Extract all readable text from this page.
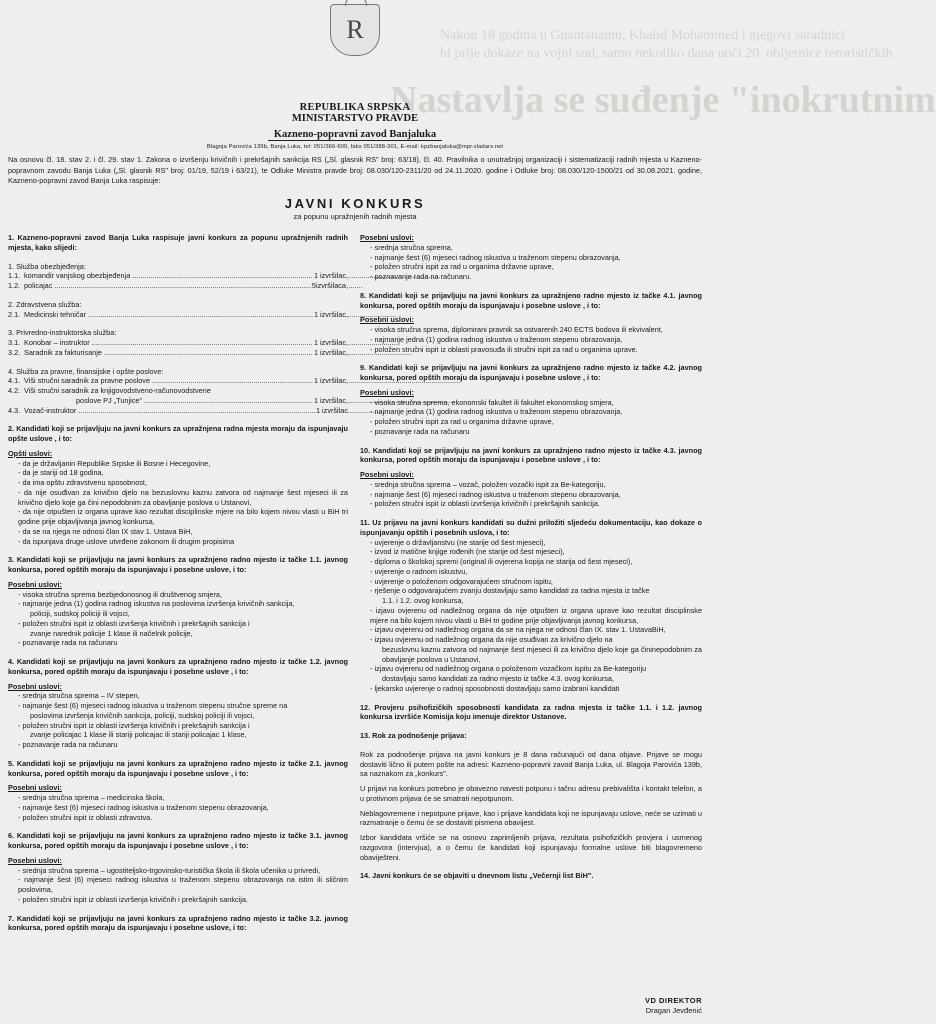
Nakon 18 godina u Guantanamu, Khalid Mohammed i njegovi saradnici
bi prije dokaze na vojni sud, samo nekoliko dana uoči 20. obljetnice terorističkih
Nastavlja se suđenje "inokrutnim
R
REPUBLIKA SRPSKA
MINISTARSTVO PRAVDE
Kazneno-popravni zavod Banjaluka
Blagoja Parovića 139b, Banja Luka, tel: 051/366-600, faks 051/388-301, E-mail: kpzbanjaluka@mpr.vladars.net
Na osnovu čl. 18. stav 2. i čl. 29. stav 1. Zakona o izvršenju krivičnih i prekršajnih sankcija RS („Sl. glasnik RS" broj: 63/18), čl. 40. Pravilnika o unutrašnjoj organizaciji i sistematizaciji radnih mjesta u Kazneno-popravnom zavodu Banja Luka („Sl. glasnik RS" broj: 01/19, 52/19 i 63/21), te Odluke Ministra pravde broj: 08.030/120-2311/20 od 24.11.2020. godine i Odluke broj: 08.030/120-1500/21 od 30.08.2021. godine, Kazneno-popravni zavod Banja Luka raspisuje:
JAVNI KONKURS
za popunu upražnjenih radnih mjesta
1. Kazneno-popravni zavod Banja Luka raspisuje javni konkurs za popunu upražnjenih radnih mjesta, kako slijedi:
1. Služba obezbjeđenja:
1.1. komandir vanjskog obezbjeđenja .....	1 izvršilac,
1.2. policajac .....	5izvršilaca,
2. Zdravstvena služba:
2.1. Medicinski tehničar .....	1 izvršilac,
3. Privredno-instruktorska služba:
3.1. Konobar – instruktor .....	1 izvršilac,
3.2. Saradnik za fakturisanje .....	1 izvršilac,
4. Služba za pravne, finansijske i opšte poslove:
4.1. Viši stručni saradnik za pravne poslove .....	1 izvršilac,
4.2. Viši stručni saradnik za knjigovodstveno-računovodstvene
poslove PJ „Tunjice" .....	1 izvršilac,
4.3. Vozač-instruktor .....	1 izvršilac
2. Kandidati koji se prijavljuju na javni konkurs za upražnjena radna mjesta moraju da ispunjavaju opšte uslove , i to:
Opšti uslovi:
- da je državljanin Republike Srpske ili Bosne i Hecegovine,
- da je stariji od 18 godina,
- da ima opštu zdravstvenu sposobnost,
- da nije osuđivan za krivično djelo na bezuslovnu kaznu zatvora od najmanje šest mjeseci ili za krivično djelo koje ga čini nepodobnim za obavljanje poslova u Ustanovi,
- da nije otpušten iz organa uprave kao rezultat disciplinske mjere na bilo kojem nivou vlasti u BiH tri godine prije objavljivanja javnog konkursa,
- da se na njega ne odnosi član IX stav 1. Ustava BiH,
- da ispunjava druge uslove utvrđene zakonom ili drugim propisima
3. Kandidati koji se prijavljuju na javni konkurs za upražnjeno radno mjesto iz tačke 1.1. javnog konkursa, pored opštih moraju da ispunjavaju i posebne uslove, i to:
Posebni uslovi:
- visoka stručna sprema bezbjedonosnog ili društvenog smjera,
- najmanje jedna (1) godina radnog iskustva na poslovima izvršenja krivičnih sankcija,
policiji, sudskoj policiji ili vojsci,
- položen stručni ispit iz oblasti izvršenja krivičnih i prekršajnih sankcija i
zvanje narednik policije 1 klase ili načelnik policije,
- poznavanje rada na računaru
4. Kandidati koji se prijavljuju na javni konkurs za upražnjeno radno mjesto iz tačke 1.2. javnog konkursa, pored opštih moraju da ispunjavaju i posebne uslove , i to:
Posebni uslovi:
- srednja stručna sprema – IV stepen,
- najmanje šest (6) mjeseci radnog iskustva u traženom stepenu stručne spreme na
poslovima izvršenja krivičnih sankcija, policiji, sudskoj policiji ili vojsci,
- položen stručni ispit iz oblasti izvršenja krivičnih i prekršajnih sankcija i
zvanje policajac 1 klase ili stariji policajac ili stariji policajac 1 klase,
- poznavanje rada na računaru
5. Kandidati koji se prijavljuju na javni konkurs za upražnjeno radno mjesto iz tačke 2.1. javnog konkursa, pored opštih moraju da ispunjavaju i posebne uslove , i to:
Posebni uslovi:
- srednja stručna sprema – medicinska škola,
- najmanje šest (6) mjeseci radnog iskustva u traženom stepenu obrazovanja,
- položen stručni ispit iz oblasti zdravstva.
6. Kandidati koji se prijavljuju na javni konkurs za upražnjeno radno mjesto iz tačke 3.1. javnog konkursa, pored opštih moraju da ispunjavaju i posebne uslove , i to:
Posebni uslovi:
- srednja stručna sprema – ugostiteljsko-trgovinsko-turistička škola ili škola učenika u privredi,
- najmanje šest (6) mjeseci radnog iskustva u traženom stepenu obrazovanja na istim ili sličnim poslovima,
- položen stručni ispit iz oblasti izvršenja krivičnih i prekršajnih sankcija.
7. Kandidati koji se prijavljuju na javni konkurs za upražnjeno radno mjesto iz tačke 3.2. javnog konkursa, pored opštih moraju da ispunjavaju i posebne uslove, i to:
Posebni uslovi:
- srednja stručna sprema,
- najmanje šest (6) mjeseci radnog iskustva u traženom stepenu obrazovanja,
- položen stručni ispit za rad u organima državne uprave,
- poznavanje rada na računaru.
8. Kandidati koji se prijavljuju na javni konkurs za upražnjeno radno mjesto iz tačke 4.1. javnog konkursa, pored opštih moraju da ispunjavaju i posebne uslove , i to:
Posebni uslovi:
- visoka stručna sprema, diplomirani pravnik sa ostvarenih 240 ECTS bodova ili ekvivalent,
- najmanje jedna (1) godina radnog iskustva u traženom stepenu obrazovanja,
- položen stručni ispit iz oblasti pravosuđa ili stručni ispit za rad u organima uprave.
9. Kandidati koji se prijavljuju na javni konkurs za upražnjeno radno mjesto iz tačke 4.2. javnog konkursa, pored opštih moraju da ispunjavaju i posebne uslove , i to:
Posebni uslovi:
- visoka stručna sprema, ekonomski fakultet ili fakultet ekonomskog smjera,
- najmanje jedna (1) godina radnog iskustva u traženom stepenu obrazovanja,
- položen stručni ispit za rad u organima državne uprave,
- poznavanje rada na računaru
10. Kandidati koji se prijavljuju na javni konkurs za upražnjeno radno mjesto iz tačke 4.3. javnog konkursa, pored opštih moraju da ispunjavaju i posebne uslove , i to:
Posebni uslovi:
- srednja stručna sprema – vozač, položen vozački ispit za Be-kategoriju,
- najmanje šest (6) mjeseci radnog iskustva u traženom stepenu obrazovanja,
- položen stručni ispit iz oblasti izvršenja krivičnih i prekršajnih sankcija.
11. Uz prijavu na javni konkurs kandidati su dužni priložiti sljedeću dokumentaciju, kao dokaze o ispunjavanju opštih i posebnih uslova, i to:
- uvjerenje o državljanstvu (ne starije od šest mjeseci),
- izvod iz matične knjige rođenih (ne starije od šest mjeseci),
- diploma o školskoj spremi (original ili ovjerena kopija ne starija od šest mjeseci),
- uvjerenje o radnom iskustvu,
- uvjerenje o položenom odgovarajućem stručnom ispitu,
- rješenje o odgovarajućem zvanju dostavljaju samo kandidati za radna mjesta iz tačke
1.1. i 1.2. ovog konkursa,
- izjavu ovjerenu od nadležnog organa da nije otpušten iz organa uprave kao rezultat disciplinske mjere na bilo kojem nivou vlasti u BiH tri godine prije objavljivanja javnog konkursa,
- izjavu ovjerenu od nadležnog organa da se na njega ne odnosi član IX. stav 1. UstavaBiH,
- izjavu ovjerenu od nadležnog organa da nije osuđivan za krivično djelo na
bezuslovnu kaznu zatvora od najmanje šest mjeseci ili za krivično djelo koje ga čininepodobnim za obavljanje poslova u Ustanovi,
- izjavu ovjerenu od nadležnog organa o položenom vozačkom ispitu za Be-kategoriju
dostavljaju samo kandidati za radno mjesto iz tačke 4.3. ovog konkursa,
- ljekarsko uvjerenje o radnoj sposobnosti dostavljaju samo izabrani kandidati
12. Provjeru psihofizičkih sposobnosti kandidata za radna mjesta iz tačke 1.1. i 1.2. javnog konkursa izvršiće Komisija koju imenuje direktor Ustanove.
13. Rok za podnošenje prijava:
Rok za podnošenje prijava na javni konkurs je 8 dana računajući od dana objave. Prijave se mogu dostaviti lično ili putem pošte na adresi: Kazneno-popravni zavod Banja Luka, ul. Blagoja Parovića 139b, sa naznakom za „konkurs".
U prijavi na konkurs potrebno je obavezno navesti potpunu i tačnu adresu prebivališta i kontakt telefon, a u protivnom prijava će se smatrati nepotpunom.
Neblagovremene i nepotpune prijave, kao i prijave kandidata koji ne ispunjavaju uslove, neće se uzimati u razmatranje o čemu će se dostaviti pismena obavijest.
Izbor kandidata vršiće se na osnovu zaprimljenih prijava, rezultata psihofizičkih provjera i usmenog razgovora (intervjua), a o čemu će kandidati koji ispunjavaju formalne uslove biti blagovremeno obaviješteni.
14. Javni konkurs će se objaviti u dnevnom listu „Večernji list BiH".
VD DIREKTOR
Dragan Jevđenić
